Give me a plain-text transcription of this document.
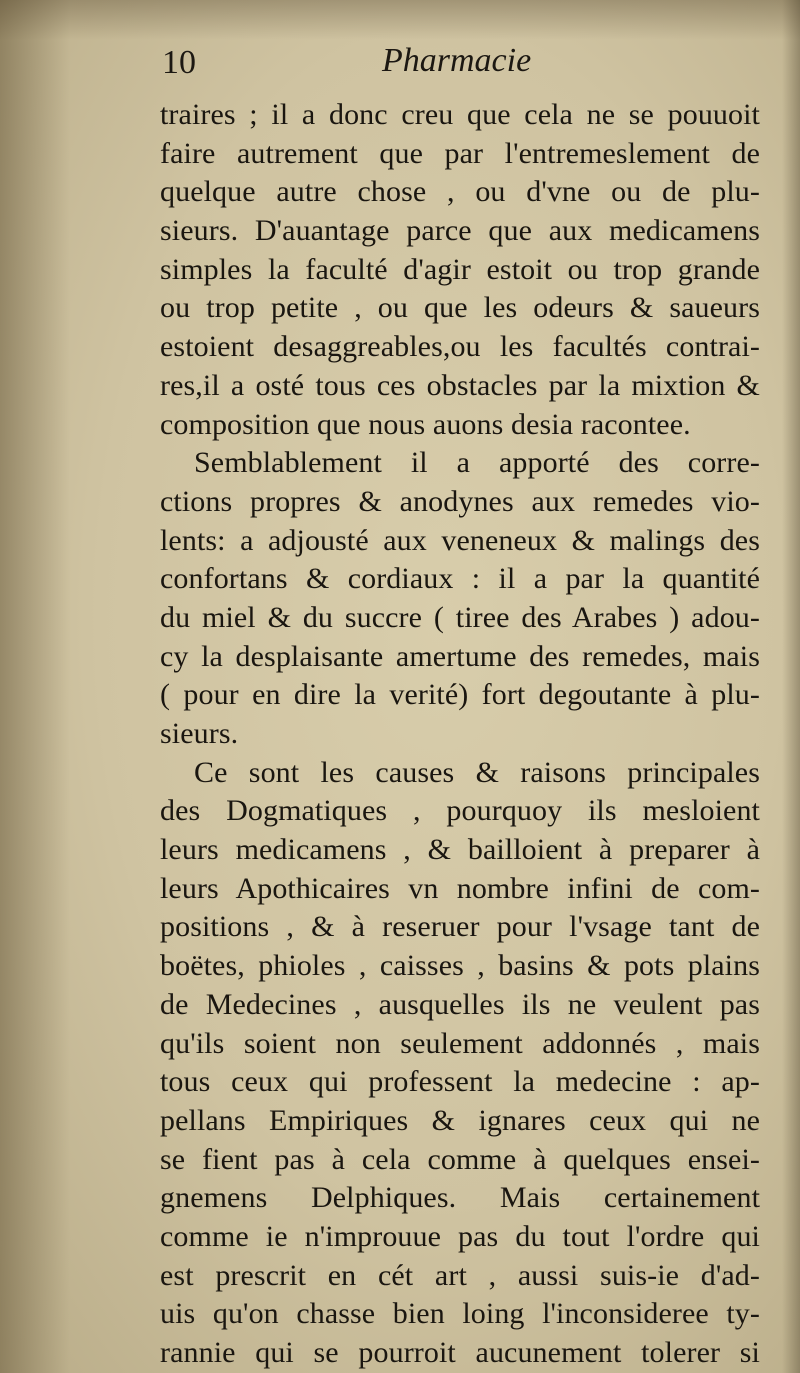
10	Pharmacie
traires ; il a donc creu que cela ne se pouuoit
faire autrement que par l'entremeslement de
quelque autre chose , ou d'vne ou de plu-
sieurs. D'auantage parce que aux medicamens
simples la faculté d'agir estoit ou trop grande
ou trop petite , ou que les odeurs & saueurs
estoient desaggreables,ou les facultés contrai-
res,il a osté tous ces obstacles par la mixtion &
composition que nous auons desia racontee.
Semblablement il a apporté des corre-
ctions propres & anodynes aux remedes vio-
lents: a adjousté aux veneneux & malings des
confortans & cordiaux : il a par la quantité
du miel & du succre ( tiree des Arabes ) adou-
cy la desplaisante amertume des remedes, mais
( pour en dire la verité) fort degoutante à plu-
sieurs.
Ce sont les causes & raisons principales
des Dogmatiques , pourquoy ils mesloient
leurs medicamens , & bailloient à preparer à
leurs Apothicaires vn nombre infini de com-
positions , & à reseruer pour l'vsage tant de
boëtes, phioles , caisses , basins & pots plains
de Medecines , ausquelles ils ne veulent pas
qu'ils soient non seulement addonnés , mais
tous ceux qui professent la medecine : ap-
pellans Empiriques & ignares ceux qui ne
se fient pas à cela comme à quelques ensei-
gnemens Delphiques. Mais certainement
comme ie n'improuue pas du tout l'ordre qui
est prescrit en cét art , aussi suis-ie d'ad-
uis qu'on chasse bien loing l'inconsideree ty-
rannie qui se pourroit aucunement tolerer si
